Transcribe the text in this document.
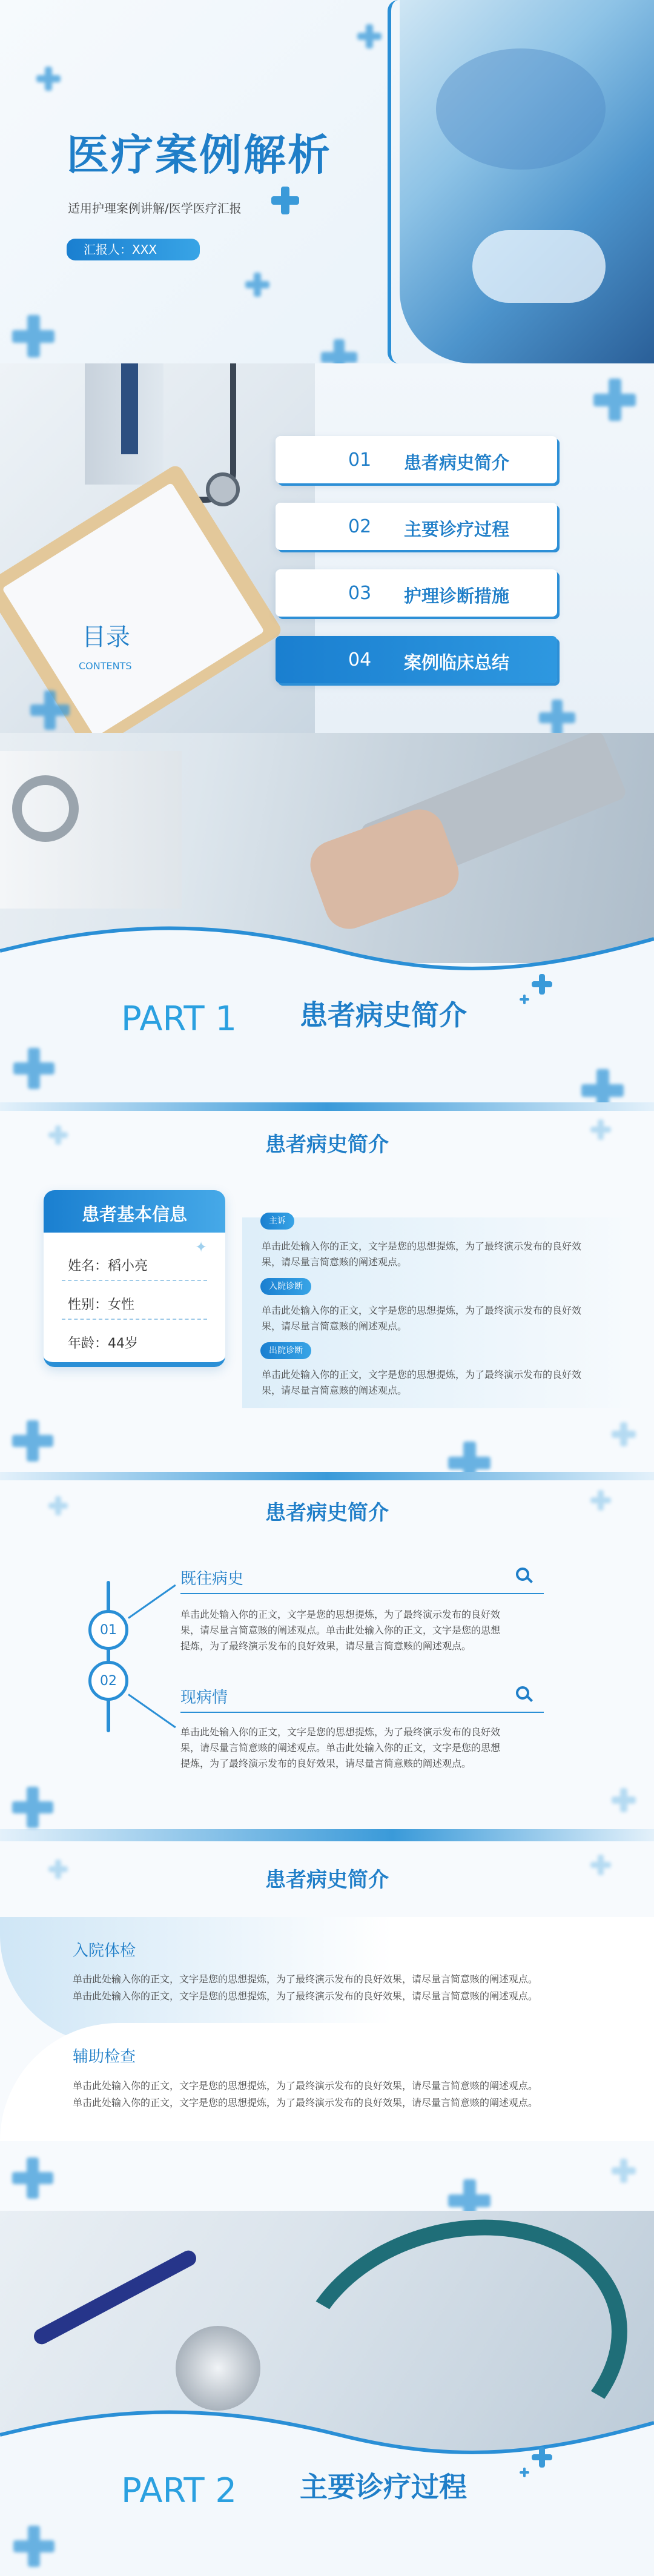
医疗案例解析
适用护理案例讲解/医学医疗汇报
汇报人：XXX
目录
CONTENTS
01 患者病史简介
02 主要诊疗过程
03 护理诊断措施
04 案例临床总结
PART 1 患者病史简介
患者病史简介
患者基本信息
✦
姓名：稻小亮
性别：女性
年龄：44岁
主诉
单击此处输入你的正文，文字是您的思想提炼，为了最终演示发布的良好效
果，请尽量言简意赅的阐述观点。
入院诊断
单击此处输入你的正文，文字是您的思想提炼，为了最终演示发布的良好效
果，请尽量言简意赅的阐述观点。
出院诊断
单击此处输入你的正文，文字是您的思想提炼，为了最终演示发布的良好效
果，请尽量言简意赅的阐述观点。
患者病史简介
01
02
既往病史
单击此处输入你的正文，文字是您的思想提炼，为了最终演示发布的良好效
果，请尽量言简意赅的阐述观点。单击此处输入你的正文，文字是您的思想
提炼，为了最终演示发布的良好效果，请尽量言简意赅的阐述观点。
现病情
单击此处输入你的正文，文字是您的思想提炼，为了最终演示发布的良好效
果，请尽量言简意赅的阐述观点。单击此处输入你的正文，文字是您的思想
提炼，为了最终演示发布的良好效果，请尽量言简意赅的阐述观点。
患者病史简介
入院体检
单击此处输入你的正文，文字是您的思想提炼，为了最终演示发布的良好效果，请尽量言简意赅的阐述观点。
单击此处输入你的正文，文字是您的思想提炼，为了最终演示发布的良好效果，请尽量言简意赅的阐述观点。
辅助检查
单击此处输入你的正文，文字是您的思想提炼，为了最终演示发布的良好效果，请尽量言简意赅的阐述观点。
单击此处输入你的正文，文字是您的思想提炼，为了最终演示发布的良好效果，请尽量言简意赅的阐述观点。
PART 2 主要诊疗过程
